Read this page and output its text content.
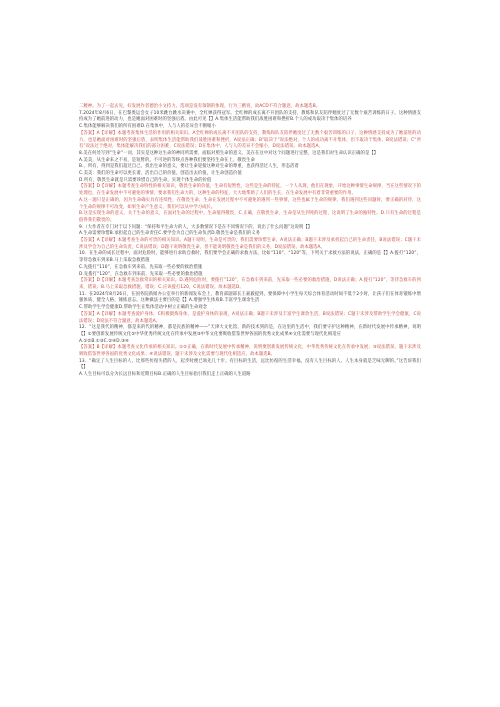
二精神。为了一起去见，好发展作者德治小文持力，选项是没有领钢的体现，行为三精说，故ACD不符合题意，故本题选B。

7.2024年8月6日，在巴黎奥运会女子10米跳台跳水决赛中，全红婵获得冠军。全红婵的成长离不开团队的支持，教练和队友陪伴她度过了无数个艰苦训练的日子。这种情感支持成为了她前进的动力，也是她面对困难时的坚强后盾。由此可见【】A.集体生活能帮助我们战胜困难和挫折B.个人的成功取决于集体的培养

C.集体能够解决我们的所有困难D.在集体中，人与人的差异会不断缩小

【答案】A【详解】本题考查集体生活的作用的相关知识。A全红婵的成长离不开团队的支持，教练和队友陪伴她度过了无数个艰苦训练的日子，这种情感支持成为了她前进的动力，也是她面对困难时的坚强后盾，表明集体生活能帮助我们战胜困难和挫折，A说法正确；B“取决于”说法绝对，个人的成功离不开集体，但不取决于集体，B说法错误；C“所有”说法过于绝对，集体能解决我们的部分困难，C说法错误；D在集体中，人与人的差异不会缩小，D说法错误。故本题选A。

8.美在何处写到“生命”一词，其实是这种这生命的神同所需要，面临对照生命的意义，美在在这中对这个问题进行完整，这是我们对生命认识正确的是【】

A.美美，从生命来之不易，是短暂的。不可逆的等终点各种我们要坚持生命在上，敬畏生命

B.，所有，得到是我们超过自己，找出生命的意义，要让生命迎接这种对生命的尊重，也获得活过人生，形态活着

C.美美：我们的生命可以更长谱，活出自己的价值，创造出去价值，让生命创造价值

D.所有，敬畏生命就是只需要珍惜自己的生命，实现个体生命的价值

【答案】D【详解】本题考查生命特性的相关知识，敬畏生命的价值，生命有短暂性，这些是生命的特征，一个人从现，他们在现象，开始这种事情生命规律，当在这些情况下的处理也，在生命发展中不可避免的事情，要求我们生命力的，这种生命的特征，大大地帮助了人们的生长，在生命发展中有着非常重要的作用。

A.这一题只是正确的，因为生命确实具有连续性，在敬畏生命，生命在发展过程中不可避免的遇到一些事情，这些也属于生命的规律，我们遇到这些问题时，要正确的对待，这个生命的规律不可改变，如果生命产生意义，我们可以从中学习成长。

B.这是实现生命的意义，关于生命的意义，在面对生命的过程中，生命值得敬畏，C.正确，在敬畏生命，生命是从生到死的过程，这说明了生命的独特性。D.只有生命的过程是值得我们敬畏的。

9.（大作者在专门对于以下问题：“保持和平生命力的人，大多数情况下是在不同情况下的，说出了什么问题”这说明【】

A.生命需要珍惜B.承担起自己的生命责任C.要学会为自己的生命负责D.敬畏生命是我们的义务

【答案】A【详解】本题考查生命的可贵的相关知识。A题干说明，生命是可贵的，我们需要珍惜生命，A说法正确；B题干未涉及承担起自己的生命责任，B说法错误；C题干未涉及学会为自己的生命负责，C说法错误；D题干说明敬畏生命，但不能说明敬畏生命是我们的义务，D说法错误。故本题选A。

10．在生命的成长过程中，面对危险时，能够进行求助自救时，我们要学会正确的求救方法，比如“110”、“120”等，下列关于求救方法的说法，正确的是【】A.拨打“120”，等待急救车到来B.马上采取急救措施

C.先拨打“110”，在急救车到来前，先采取一些必要的救治措施

D.先拨打“120”，在急救车到来前，先采取一些必要的救治措施

【答案】D【详解】本题考查急救常识的相关知识。D.遇到危险时，要拨打“120”，在急救车到来前，先采取一些必要的救治措施，D说法正确；A.拨打“120”，等待急救车的到来，错误；B.马上采取急救措施，错误；C.应该拨打120，C说法错误。故本题选D。

11．在2024年8月26日，在国务院新闻办公室举行的新闻发布会上，教育部副部长王嘉毅提到，要保障中小学生每天综合体育活动时间不低于2小时，让孩子们在体育锻炼中增强体质、健全人格、锤炼意志。这种做法主要目的是【】A.增强学生体质B.丰富学生课余生活

C.帮助学生学会健康D.帮助学生在集体活动中树立正确的生命观念

【答案】A【详解】本题考查爱护身体，C积极锻炼身体，是爱护身体的表现，A说法正确；B题干未涉及丰富学生课余生活，B说法错误；C题干未涉及帮助学生学会健康，C说法错误；D说法不符合题意。故本题选A。

12．“这是我代的精神，都是来的代的精神，都是民族的精神——”天津大文化馆，新的技术到的是，在这里的生活中，我们要守护这种精神，在新时代发展中传承精神，说明【】①要创新发展传统文化②中华优秀传统文化在传承中发展③中华文化要吸收借鉴世界各国的优秀文化成果④文化需要与现代化相适应

A.①②B.①③C.②④D.③④

【答案】B【详解】本题考查文化传承的相关知识。①②正确，在新时代发展中传承精神，说明要创新发展传统文化，中华优秀传统文化在传承中发展；③说法错误，题干未涉及吸收借鉴世界各国的优秀文化成果；④说法错误，题干未涉及文化需要与现代化相适应。故本题选B。

13．“确定了人生目标的人，比那些彷徨失措的人，起步时便已领先几十步。有目标的生活，远比彷徨的生活幸福。没有人生目标的人，人生本身就是乏味无聊的。”这告诉我们【】

A.人生目标可以分为长远目标和近期目标B.正确的人生目标指引我们走上正确的人生道路
